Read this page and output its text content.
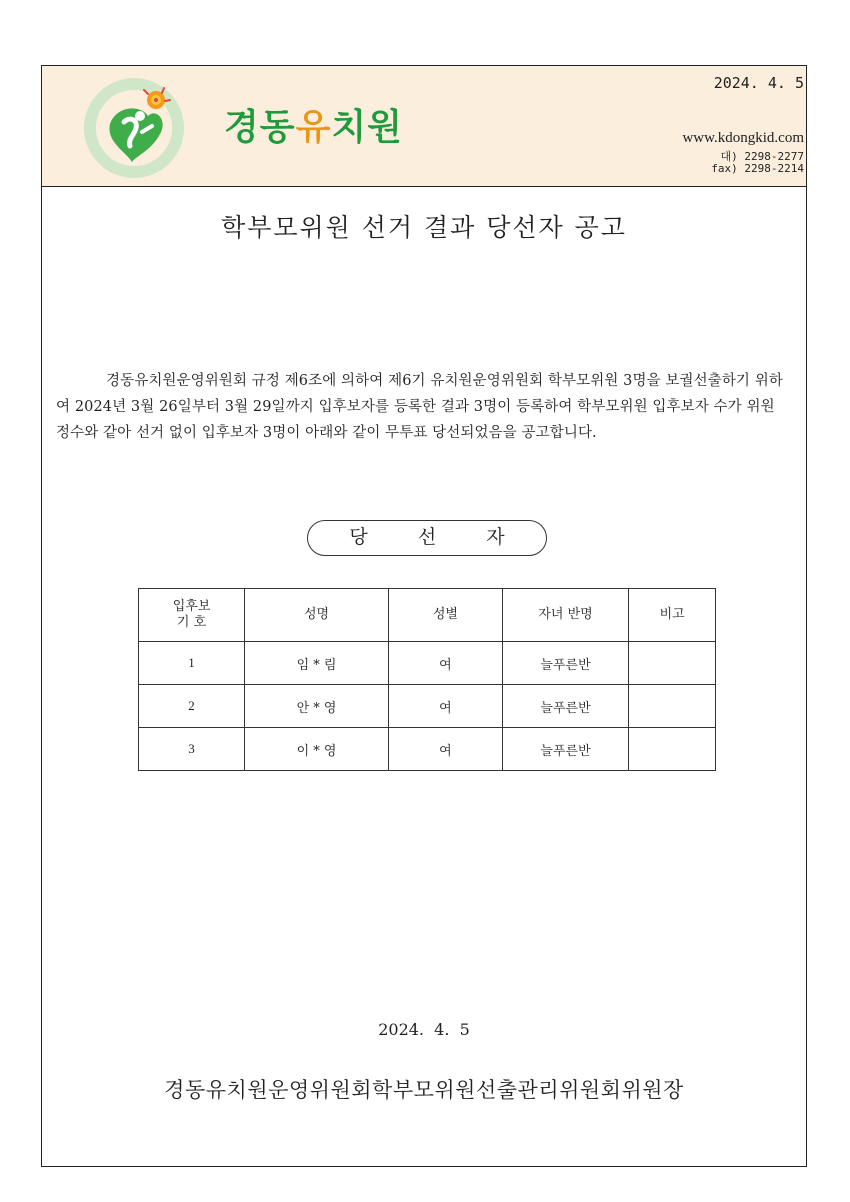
경동유치원
2024. 4. 5
www.kdongkid.com
대) 2298-2277
fax) 2298-2214
학부모위원 선거 결과 당선자 공고

경동유치원운영위원회 규정 제6조에 의하여 제6기 유치원운영위원회 학부모위원 3명을 보궐선출하기 위하여 2024년 3월 26일부터 3월 29일까지 입후보자를 등록한 결과 3명이 등록하여 학부모위원 입후보자 수가 위원정수와 같아 선거 없이 입후보자 3명이 아래와 같이 무투표 당선되었음을 공고합니다.

당 선 자
입후보
기 호	성명	성별	자녀 반명	비고
1	임 * 림	여	늘푸른반	
2	안 * 영	여	늘푸른반	
3	이 * 영	여	늘푸른반	
2024.  4.  5
경동유치원운영위원회학부모위원선출관리위원회위원장
